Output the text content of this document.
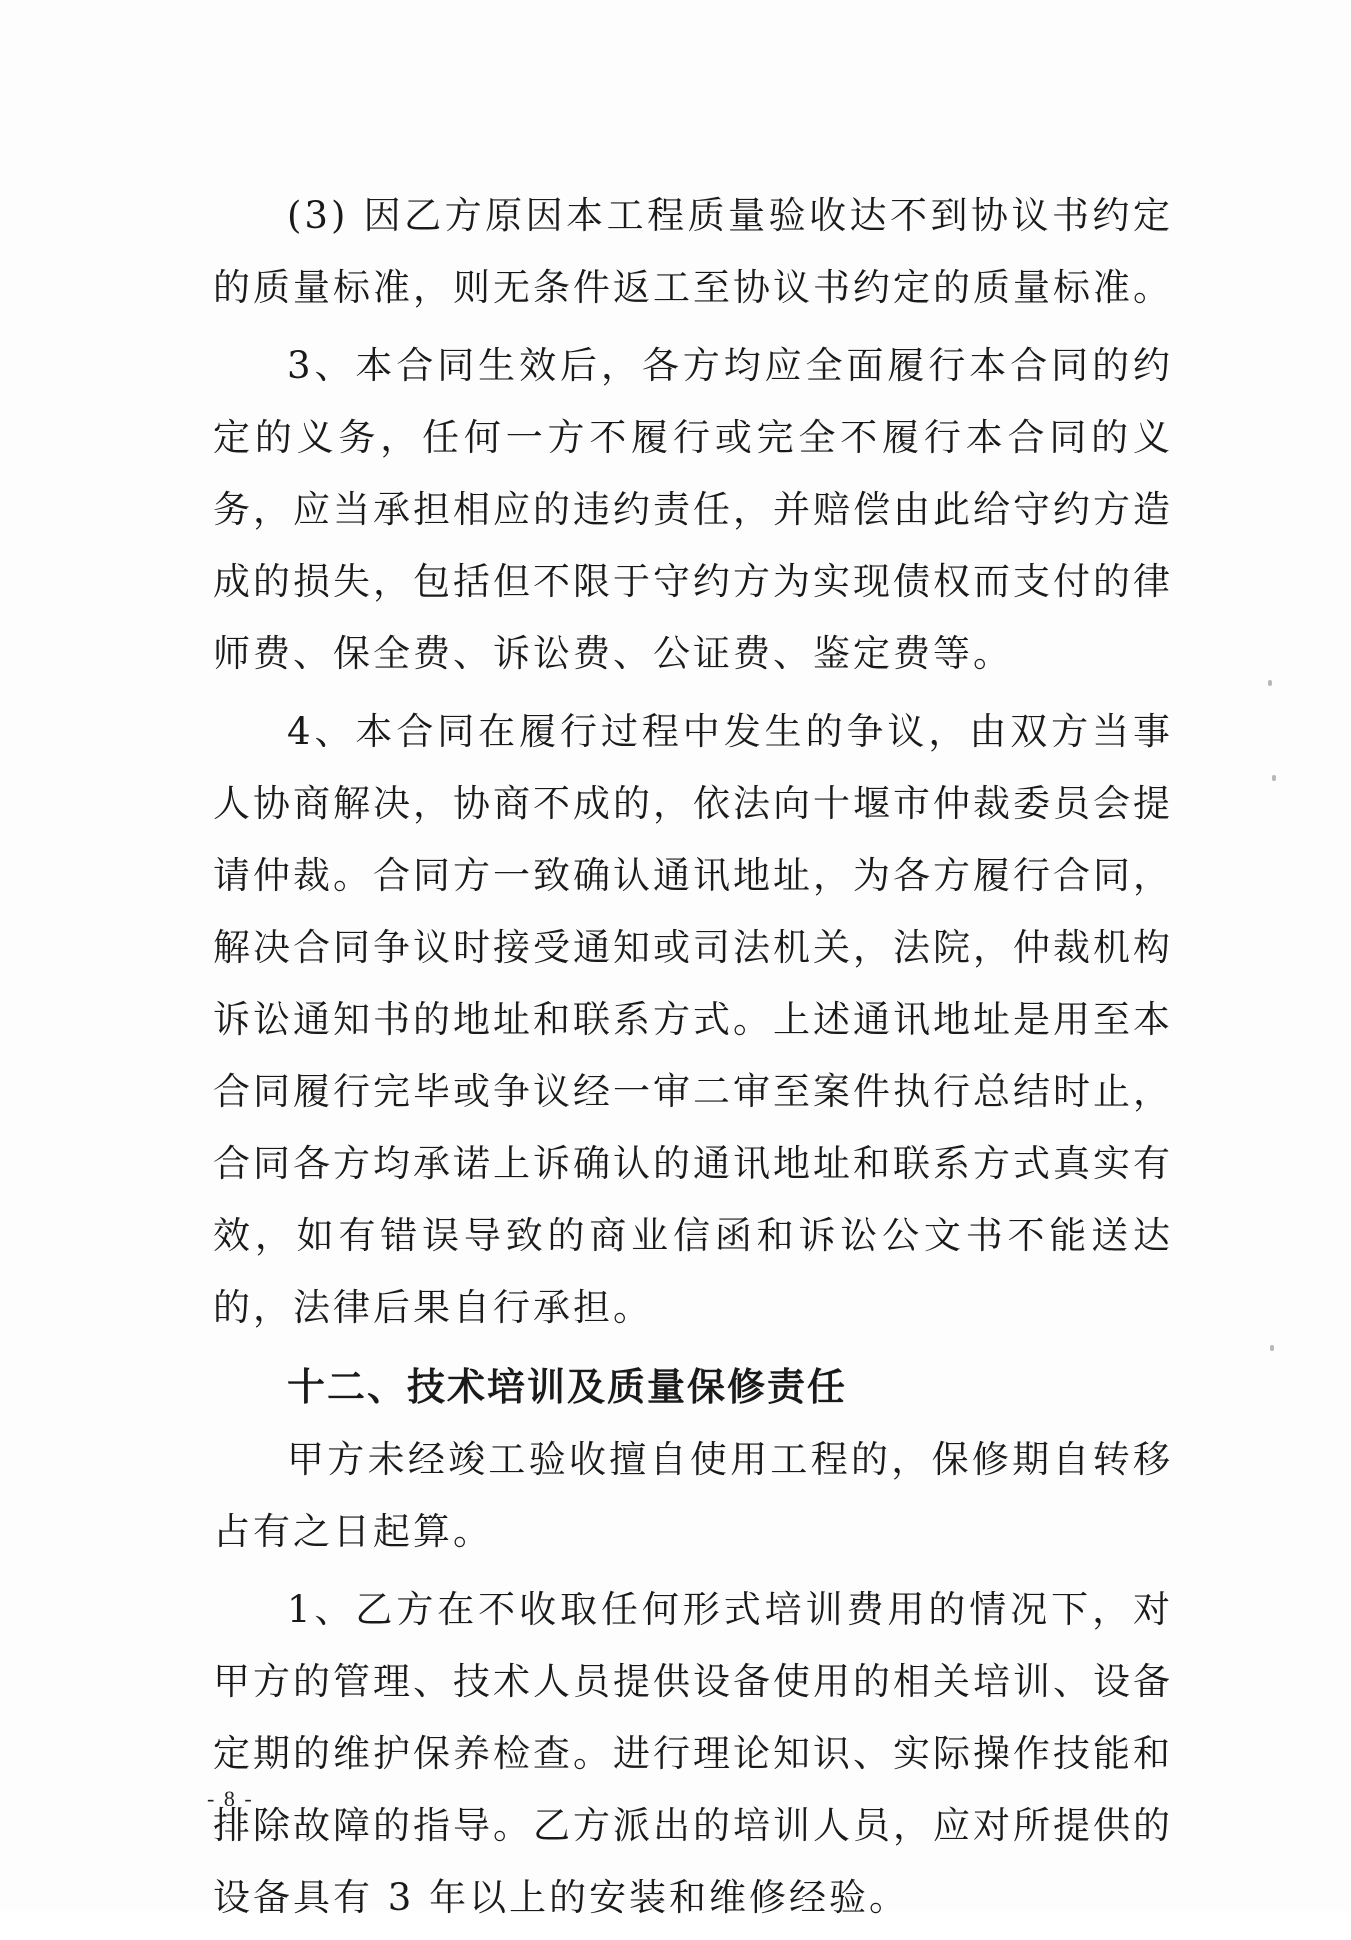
(3) 因乙方原因本工程质量验收达不到协议书约定的质量标准，则无条件返工至协议书约定的质量标准。

3、本合同生效后，各方均应全面履行本合同的约定的义务，任何一方不履行或完全不履行本合同的义务，应当承担相应的违约责任，并赔偿由此给守约方造成的损失，包括但不限于守约方为实现债权而支付的律师费、保全费、诉讼费、公证费、鉴定费等。

4、本合同在履行过程中发生的争议，由双方当事人协商解决，协商不成的，依法向十堰市仲裁委员会提请仲裁。合同方一致确认通讯地址，为各方履行合同，解决合同争议时接受通知或司法机关，法院，仲裁机构诉讼通知书的地址和联系方式。上述通讯地址是用至本合同履行完毕或争议经一审二审至案件执行总结时止，合同各方均承诺上诉确认的通讯地址和联系方式真实有效，如有错误导致的商业信函和诉讼公文书不能送达的，法律后果自行承担。

十二、技术培训及质量保修责任

甲方未经竣工验收擅自使用工程的，保修期自转移占有之日起算。

1、乙方在不收取任何形式培训费用的情况下，对甲方的管理、技术人员提供设备使用的相关培训、设备定期的维护保养检查。进行理论知识、实际操作技能和排除故障的指导。乙方派出的培训人员，应对所提供的设备具有 3 年以上的安装和维修经验。

- 8 -
